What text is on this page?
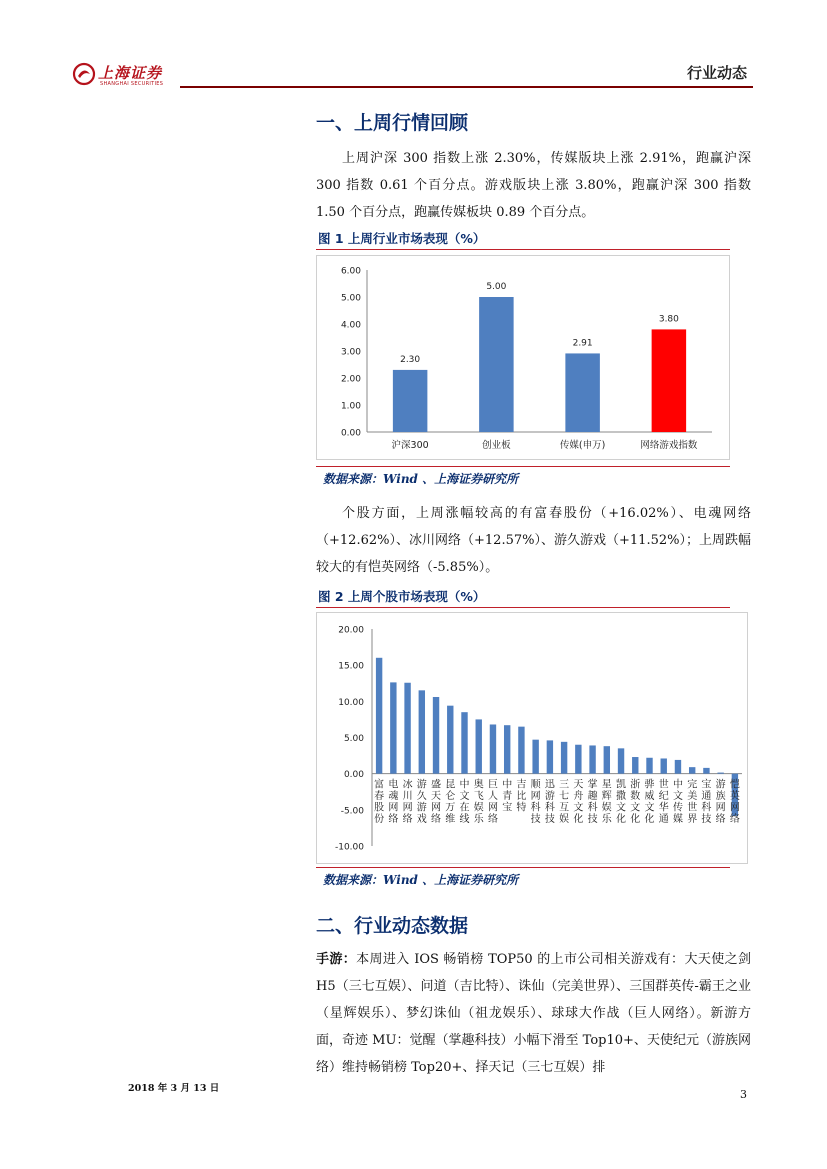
上海证券
SHANGHAI SECURITIES
行业动态
一、上周行情回顾
上周沪深 300 指数上涨 2.30%，传媒版块上涨 2.91%，跑赢沪深 300 指数 0.61 个百分点。游戏版块上涨 3.80%，跑赢沪深 300 指数 1.50 个百分点，跑赢传媒板块 0.89 个百分点。
图 1 上周行业市场表现（%）
0.00
1.00
2.00
3.00
4.00
5.00
6.00
2.30
沪深300
5.00
创业板
2.91
传媒(申万)
3.80
网络游戏指数
数据来源：Wind 、上海证券研究所
个股方面，上周涨幅较高的有富春股份（+16.02%）、电魂网络（+12.62%）、冰川网络（+12.57%）、游久游戏（+11.52%）；上周跌幅较大的有恺英网络（-5.85%）。
图 2 上周个股市场表现（%）
-10.00
-5.00
0.00
5.00
10.00
15.00
20.00
富春股份
电魂网络
冰川网络
游久游戏
盛天网络
昆仑万维
中文在线
奥飞娱乐
巨人网络
中青宝
吉比特
顺网科技
迅游科技
三七互娱
天舟文化
掌趣科技
星辉娱乐
凯撒文化
浙数文化
骅威文化
世纪华通
中文传媒
完美世界
宝通科技
游族网络
恺英网络
数据来源：Wind 、上海证券研究所
二、行业动态数据
手游：本周进入 IOS 畅销榜 TOP50 的上市公司相关游戏有：大天使之剑 H5（三七互娱）、问道（吉比特）、诛仙（完美世界）、三国群英传-霸王之业（星辉娱乐）、梦幻诛仙（祖龙娱乐）、球球大作战（巨人网络）。新游方面，奇迹 MU：觉醒（掌趣科技）小幅下滑至 Top10+、天使纪元（游族网络）维持畅销榜 Top20+、择天记（三七互娱）排
2018 年 3 月 13 日	3
